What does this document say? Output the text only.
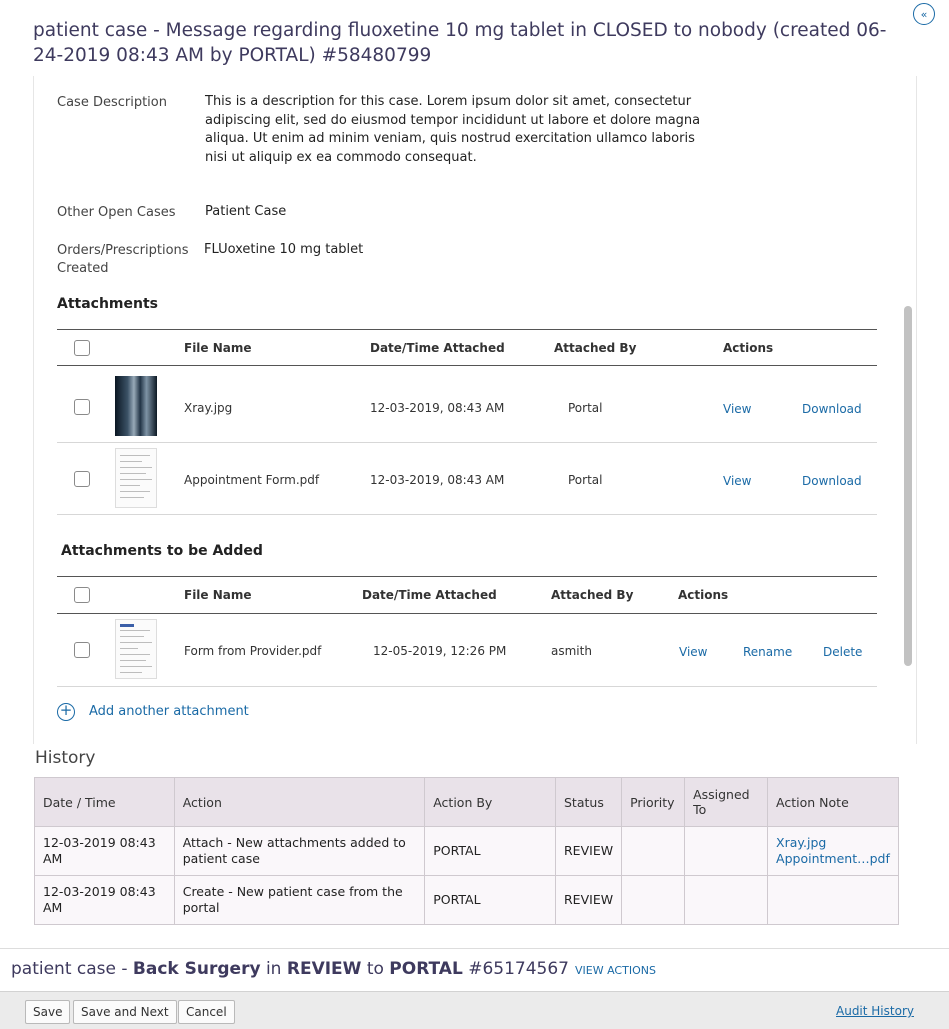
patient case - Message regarding fluoxetine 10 mg tablet in CLOSED to nobody (created 06-24-2019 08:43 AM by PORTAL) #58480799
«
Case Description	This is a description for this case. Lorem ipsum dolor sit amet, consectetur adipiscing elit, sed do eiusmod tempor incididunt ut labore et dolore magna aliqua. Ut enim ad minim veniam, quis nostrud exercitation ullamco laboris nisi ut aliquip ex ea commodo consequat.
Other Open Cases Patient Case
Orders/Prescriptions Created
FLUoxetine 10 mg tablet
Attachments
File Name	Date/Time Attached	Attached By	Actions
Xray.jpg	12-03-2019, 08:43 AM	Portal	View	Download
Appointment Form.pdf	12-03-2019, 08:43 AM	Portal	View	Download
Attachments to be Added
File Name	Date/Time Attached	Attached By	Actions
Form from Provider.pdf	12-05-2019, 12:26 PM	asmith	View	Rename	Delete
+ Add another attachment
History
Date / Time	Action	Action By	Status	Priority	Assigned To	Action Note
12-03-2019 08:43 AM	Attach - New attachments added to patient case	PORTAL	REVIEW			Xray.jpg
Appointment…pdf

12-03-2019 08:43 AM	Create - New patient case from the portal	PORTAL	REVIEW			
patient case - Back Surgery in REVIEW to PORTAL #65174567 VIEW ACTIONS
Save	Save and Next	Cancel	Audit History
